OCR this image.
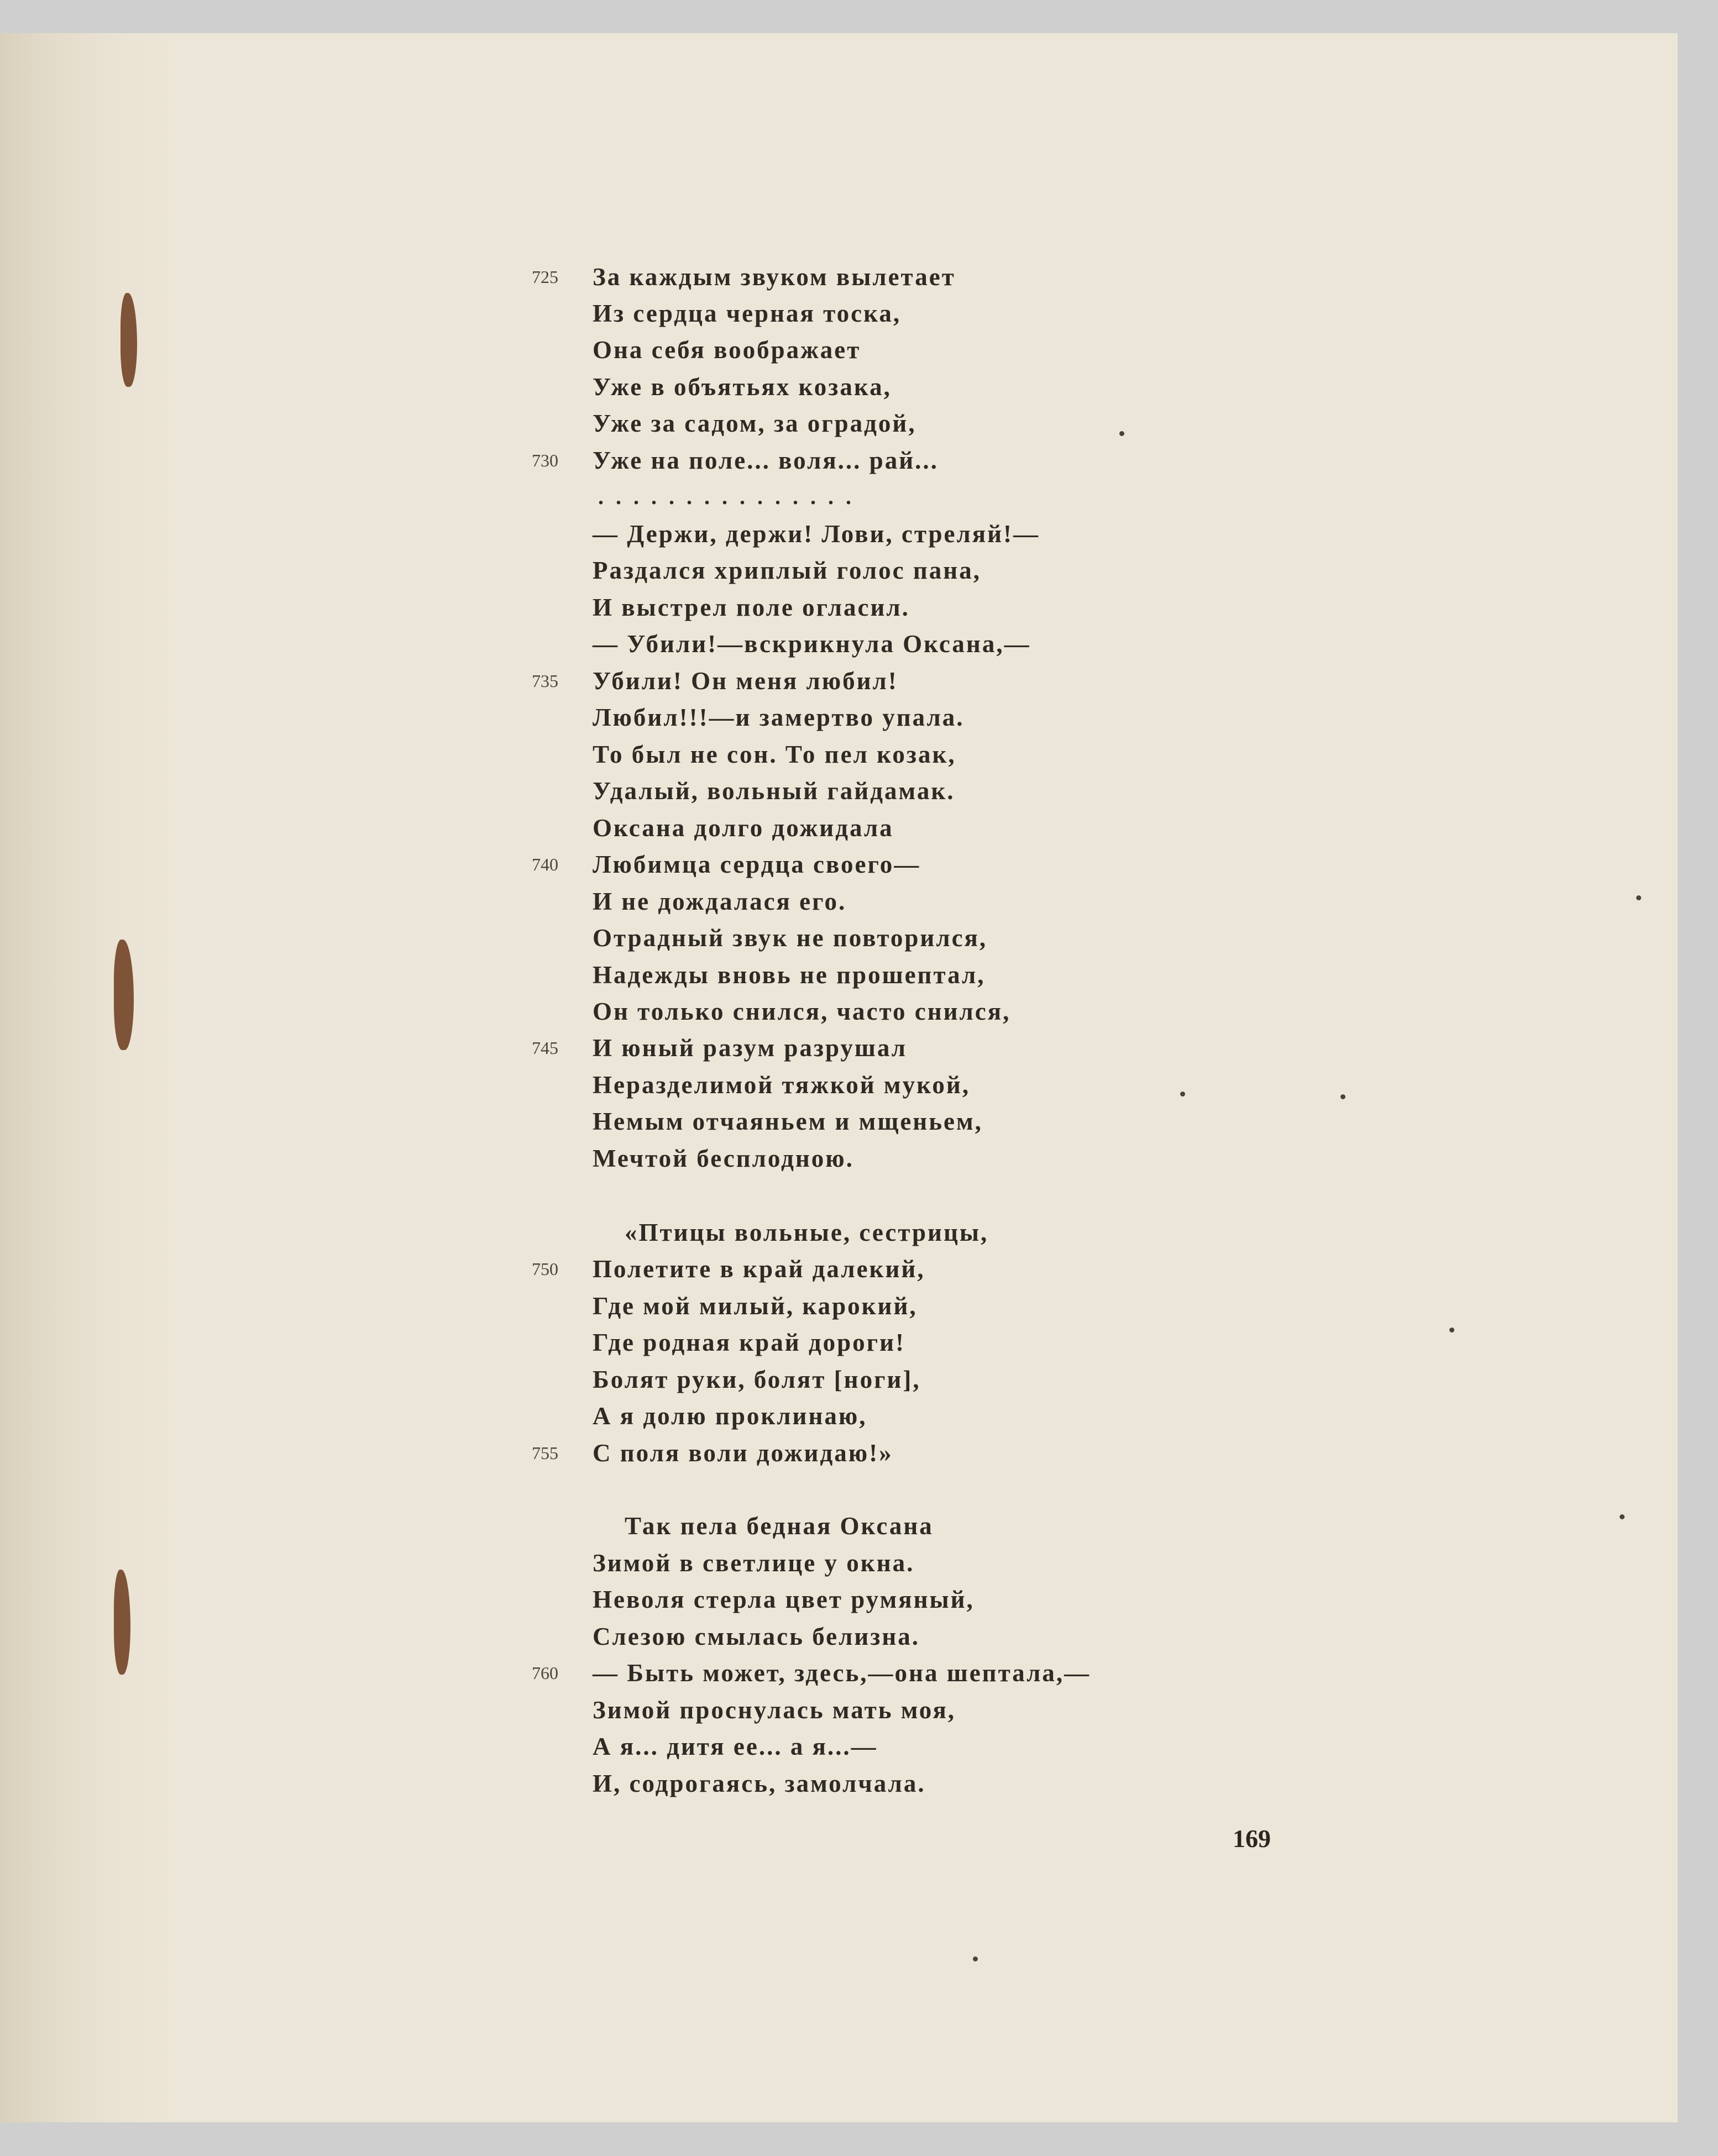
725 За каждым звуком вылетает
Из сердца черная тоска,
Она себя воображает
Уже в объятьях козака,
Уже за садом, за оградой,
730 Уже на поле... воля... рай...
...............
— Держи, держи! Лови, стреляй!—
Раздался хриплый голос пана,
И выстрел поле огласил.
— Убили!—вскрикнула Оксана,—
735 Убили! Он меня любил!
Любил!!!—и замертво упала.
То был не сон. То пел козак,
Удалый, вольный гайдамак.
Оксана долго дожидала
740 Любимца сердца своего—
И не дождалася его.
Отрадный звук не повторился,
Надежды вновь не прошептал,
Он только снился, часто снился,
745 И юный разум разрушал
Неразделимой тяжкой мукой,
Немым отчаяньем и мщеньем,
Мечтой бесплодною.
«Птицы вольные, сестрицы,
750 Полетите в край далекий,
Где мой милый, карокий,
Где родная край дороги!
Болят руки, болят [ноги],
А я долю проклинаю,
755 С поля воли дожидаю!»
Так пела бедная Оксана
Зимой в светлице у окна.
Неволя стерла цвет румяный,
Слезою смылась белизна.
760 — Быть может, здесь,—она шептала,—
Зимой проснулась мать моя,
А я... дитя ее... а я...—
И, содрогаясь, замолчала.
169
